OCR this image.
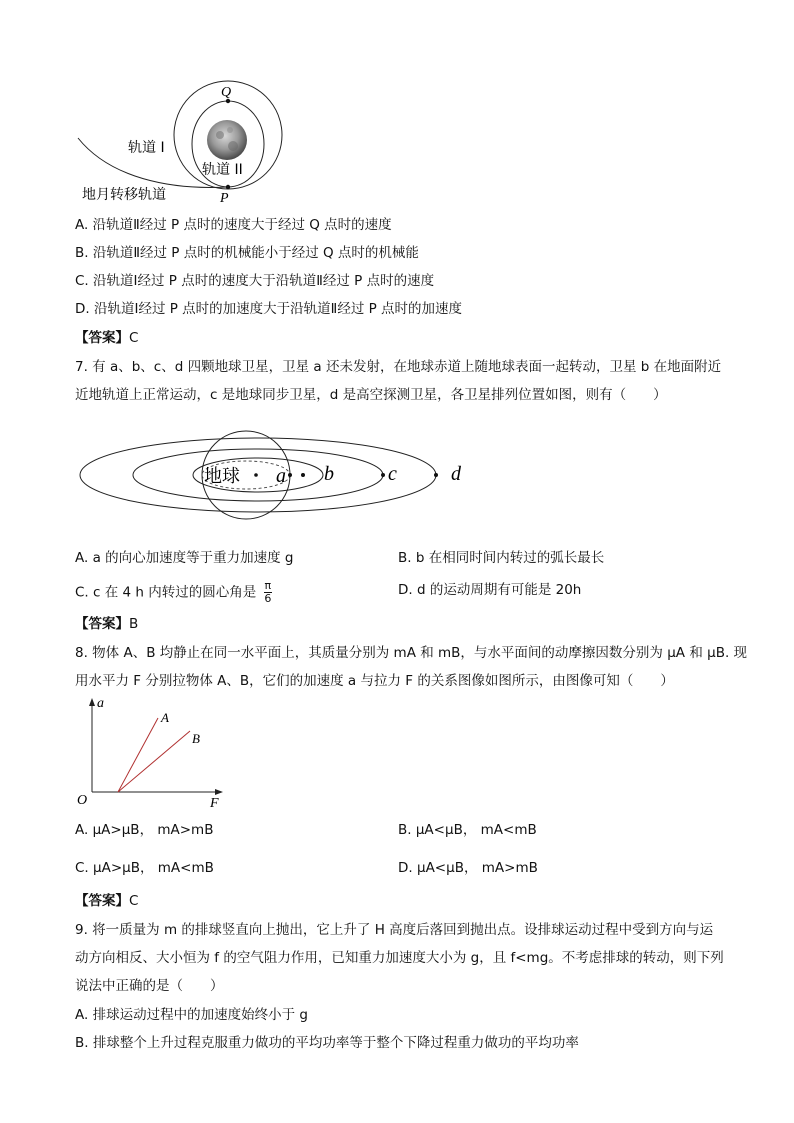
Q
P
轨道 I
轨道 II
地月转移轨道
A. 沿轨道Ⅱ经过 P 点时的速度大于经过 Q 点时的速度
B. 沿轨道Ⅱ经过 P 点时的机械能小于经过 Q 点时的机械能
C. 沿轨道Ⅰ经过 P 点时的速度大于沿轨道Ⅱ经过 P 点时的速度
D. 沿轨道Ⅰ经过 P 点时的加速度大于沿轨道Ⅱ经过 P 点时的加速度
【答案】C
7. 有 a、b、c、d 四颗地球卫星，卫星 a 还未发射，在地球赤道上随地球表面一起转动，卫星 b 在地面附近
近地轨道上正常运动，c 是地球同步卫星，d 是高空探测卫星，各卫星排列位置如图，则有（　　）
地球 a b	c	d
A. a 的向心加速度等于重力加速度 g	B. b 在相同时间内转过的弧长最长
C. c 在 4 h 内转过的圆心角是 $\frac{\pi}{6}$	D. d 的运动周期有可能是 20h
【答案】B
8. 物体 A、B 均静止在同一水平面上，其质量分别为 mA 和 mB，与水平面间的动摩擦因数分别为 μA 和 μB. 现
用水平力 F 分别拉物体 A、B，它们的加速度 a 与拉力 F 的关系图像如图所示，由图像可知（　　）
a
O	F
A
B
A. μA>μB， mA>mB	B. μA<μB， mA<mB
C. μA>μB， mA<mB	D. μA<μB， mA>mB
【答案】C
9. 将一质量为 m 的排球竖直向上抛出，它上升了 H 高度后落回到抛出点。设排球运动过程中受到方向与运
动方向相反、大小恒为 f 的空气阻力作用，已知重力加速度大小为 g，且 f<mg。不考虑排球的转动，则下列
说法中正确的是（　　）
A. 排球运动过程中的加速度始终小于 g
B. 排球整个上升过程克服重力做功的平均功率等于整个下降过程重力做功的平均功率
